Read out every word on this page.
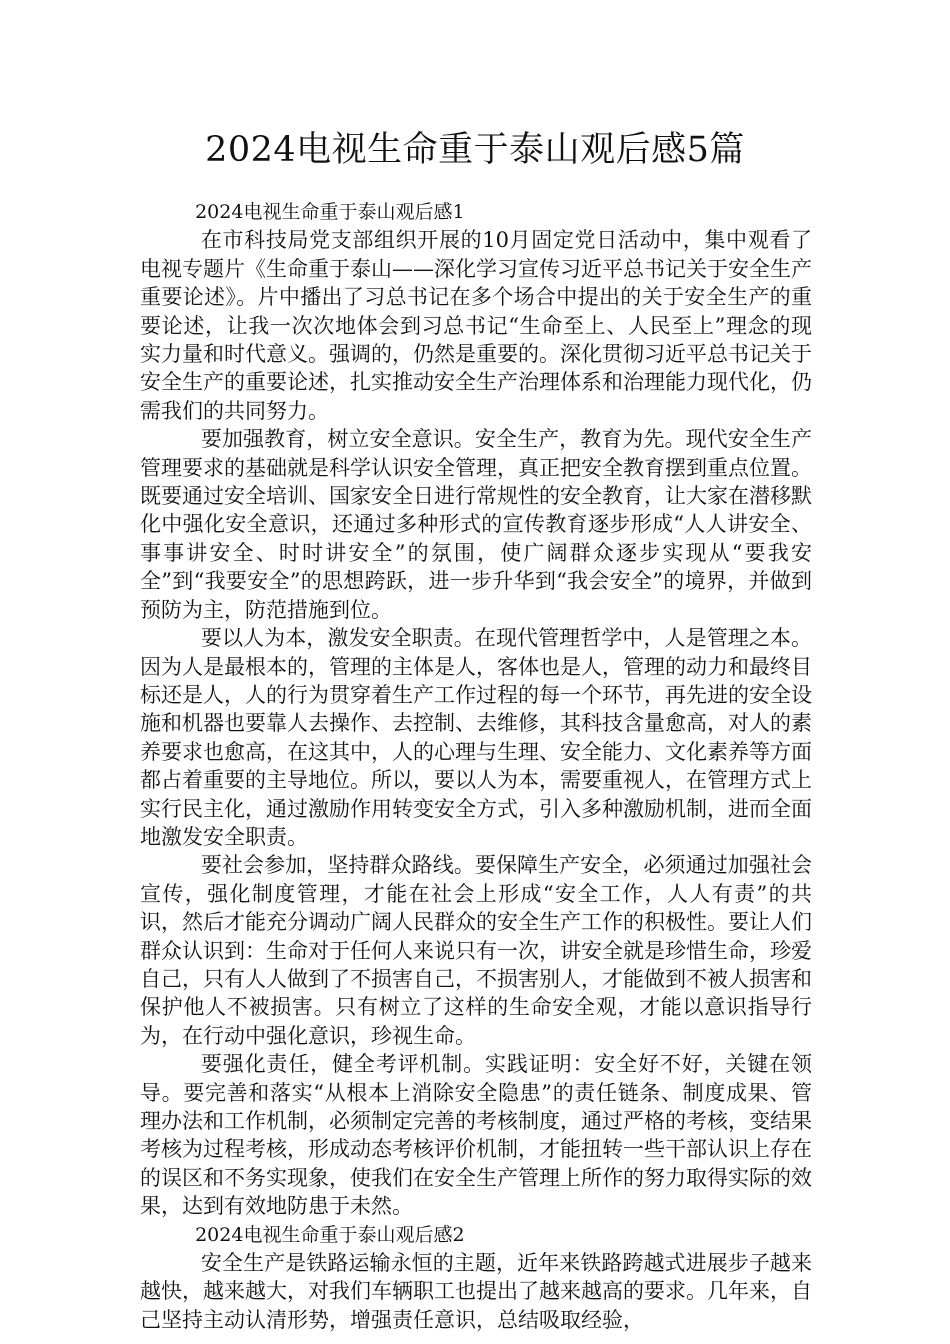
2024电视生命重于泰山观后感5篇

2024电视生命重于泰山观后感1

在市科技局党支部组织开展的10月固定党日活动中，集中观看了电视专题片《生命重于泰山——深化学习宣传习近平总书记关于安全生产重要论述》。片中播出了习总书记在多个场合中提出的关于安全生产的重要论述，让我一次次地体会到习总书记“生命至上、人民至上”理念的现实力量和时代意义。强调的，仍然是重要的。深化贯彻习近平总书记关于安全生产的重要论述，扎实推动安全生产治理体系和治理能力现代化，仍需我们的共同努力。

要加强教育，树立安全意识。安全生产，教育为先。现代安全生产管理要求的基础就是科学认识安全管理，真正把安全教育摆到重点位置。既要通过安全培训、国家安全日进行常规性的安全教育，让大家在潜移默化中强化安全意识，还通过多种形式的宣传教育逐步形成“人人讲安全、事事讲安全、时时讲安全”的氛围，使广阔群众逐步实现从“要我安全”到“我要安全”的思想跨跃，进一步升华到“我会安全”的境界，并做到预防为主，防范措施到位。

要以人为本，激发安全职责。在现代管理哲学中，人是管理之本。因为人是最根本的，管理的主体是人，客体也是人，管理的动力和最终目标还是人，人的行为贯穿着生产工作过程的每一个环节，再先进的安全设施和机器也要靠人去操作、去控制、去维修，其科技含量愈高，对人的素养要求也愈高，在这其中，人的心理与生理、安全能力、文化素养等方面都占着重要的主导地位。所以，要以人为本，需要重视人，在管理方式上实行民主化，通过激励作用转变安全方式，引入多种激励机制，进而全面地激发安全职责。

要社会参加，坚持群众路线。要保障生产安全，必须通过加强社会宣传，强化制度管理，才能在社会上形成“安全工作，人人有责”的共识，然后才能充分调动广阔人民群众的安全生产工作的积极性。要让人们群众认识到：生命对于任何人来说只有一次，讲安全就是珍惜生命，珍爱自己，只有人人做到了不损害自己，不损害别人，才能做到不被人损害和保护他人不被损害。只有树立了这样的生命安全观，才能以意识指导行为，在行动中强化意识，珍视生命。

要强化责任，健全考评机制。实践证明：安全好不好，关键在领导。要完善和落实“从根本上消除安全隐患”的责任链条、制度成果、管理办法和工作机制，必须制定完善的考核制度，通过严格的考核，变结果考核为过程考核，形成动态考核评价机制，才能扭转一些干部认识上存在的误区和不务实现象，使我们在安全生产管理上所作的努力取得实际的效果，达到有效地防患于未然。

2024电视生命重于泰山观后感2

安全生产是铁路运输永恒的主题，近年来铁路跨越式进展步子越来越快，越来越大，对我们车辆职工也提出了越来越高的要求。几年来，自己坚持主动认清形势，增强责任意识，总结吸取经验，
